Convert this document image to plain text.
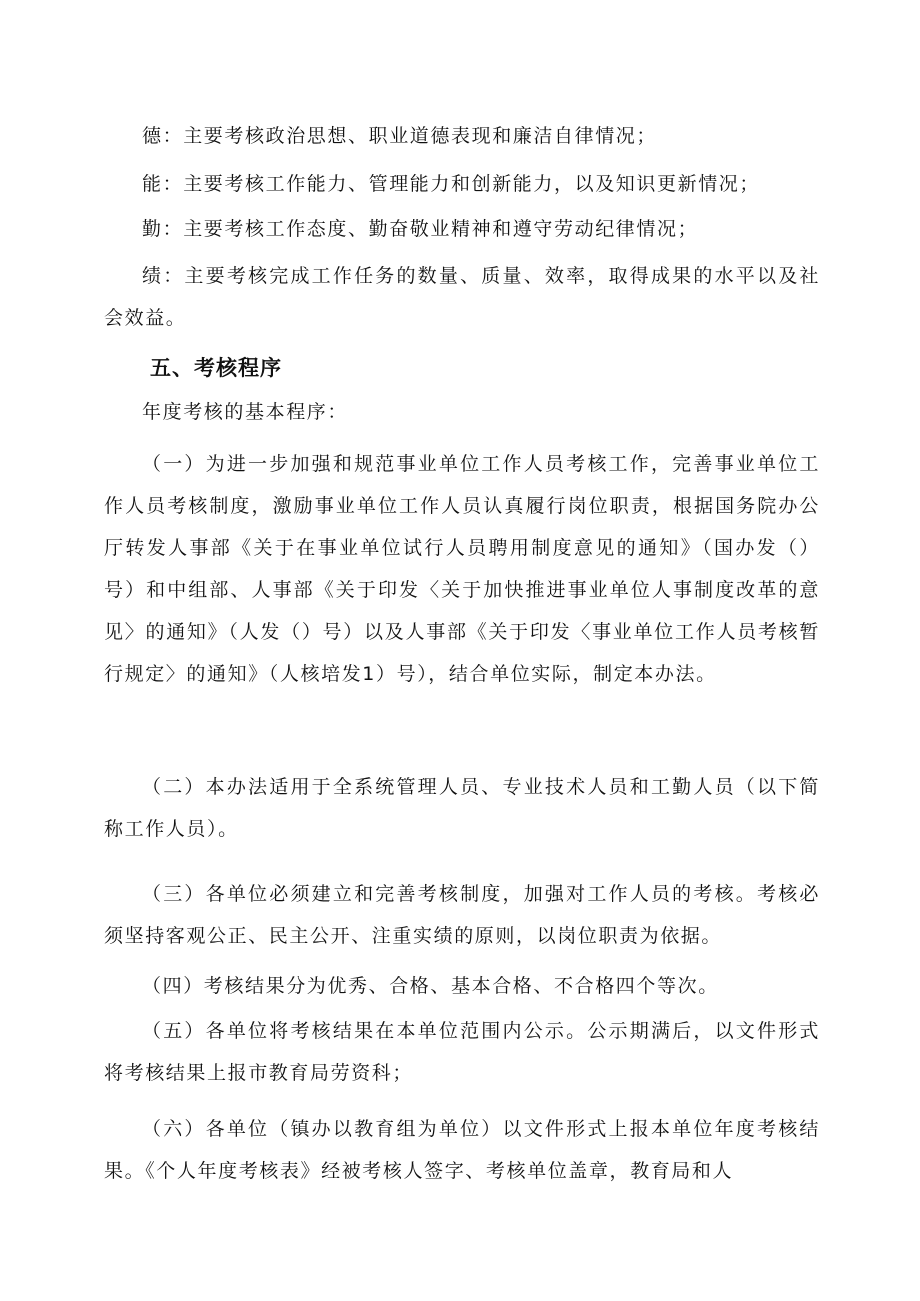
德：主要考核政治思想、职业道德表现和廉洁自律情况；

能：主要考核工作能力、管理能力和创新能力，以及知识更新情况；

勤：主要考核工作态度、勤奋敬业精神和遵守劳动纪律情况；

绩：主要考核完成工作任务的数量、质量、效率，取得成果的水平以及社会效益。

五、考核程序

年度考核的基本程序：

（一）为进一步加强和规范事业单位工作人员考核工作，完善事业单位工作人员考核制度，激励事业单位工作人员认真履行岗位职责，根据国务院办公厅转发人事部《关于在事业单位试行人员聘用制度意见的通知》（国办发（）号）和中组部、人事部《关于印发〈关于加快推进事业单位人事制度改革的意见〉的通知》（人发（）号）以及人事部《关于印发〈事业单位工作人员考核暂行规定〉的通知》（人核培发1）号），结合单位实际，制定本办法。

（二）本办法适用于全系统管理人员、专业技术人员和工勤人员（以下简称工作人员）。

（三）各单位必须建立和完善考核制度，加强对工作人员的考核。考核必须坚持客观公正、民主公开、注重实绩的原则，以岗位职责为依据。

（四）考核结果分为优秀、合格、基本合格、不合格四个等次。

（五）各单位将考核结果在本单位范围内公示。公示期满后，以文件形式将考核结果上报市教育局劳资科；

（六）各单位（镇办以教育组为单位）以文件形式上报本单位年度考核结果。《个人年度考核表》经被考核人签字、考核单位盖章，教育局和人
